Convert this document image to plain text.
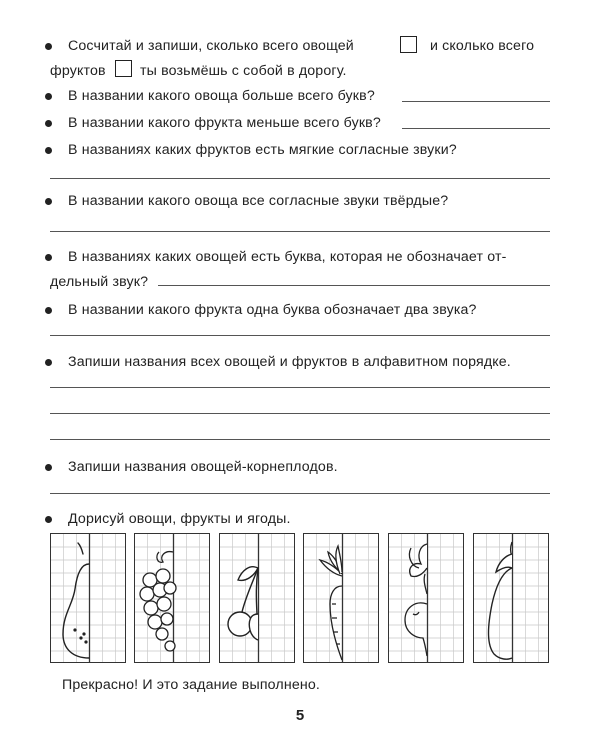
Сосчитай и запиши, сколько всего овощей	и сколько всего
фруктов ты возьмёшь с собой в дорогу.
В названии какого овоща больше всего букв?
В названии какого фрукта меньше всего букв?
В названиях каких фруктов есть мягкие согласные звуки?
В названии какого овоща все согласные звуки твёрдые?
В названиях каких овощей есть буква, которая не обозначает от-
дельный звук?
В названии какого фрукта одна буква обозначает два звука?
Запиши названия всех овощей и фруктов в алфавитном порядке.
Запиши названия овощей-корнеплодов.
Дорисуй овощи, фрукты и ягоды.
Прекрасно! И это задание выполнено.
5
